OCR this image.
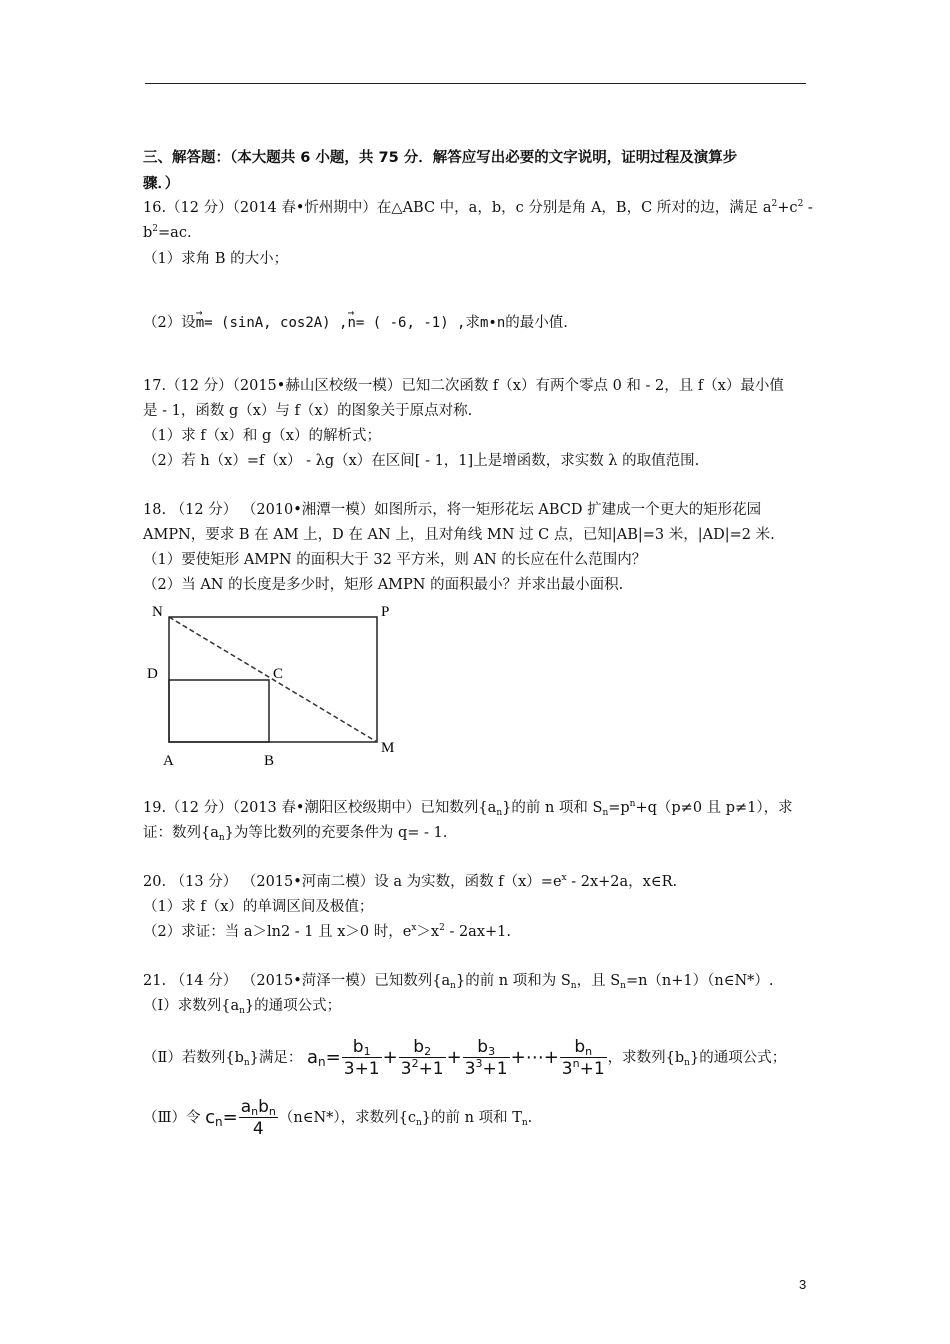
三、解答题：（本大题共 6 小题，共 75 分．解答应写出必要的文字说明，证明过程及演算步
骤．）
16.（12 分）（2014 春•忻州期中）在△ABC 中，a，b，c 分别是角 A，B，C 所对的边，满足 $a^2+c^2$ -
$b^2=ac$.
（1）求角 B 的大小；
（2）设→ m= (sinA, cos2A) ,→ n= ( -6, -1) ,求m•n的最小值.
17.（12 分）（2015•赫山区校级一模）已知二次函数 f（x）有两个零点 0 和 - 2，且 f（x）最小值
是 - 1，函数 g（x）与 f（x）的图象关于原点对称.
（1）求 f（x）和 g（x）的解析式；
（2）若 h（x）=f（x） - λg（x）在区间[ - 1，1]上是增函数，求实数 λ 的取值范围.
18. （12 分） （2010•湘潭一模）如图所示，将一矩形花坛 ABCD 扩建成一个更大的矩形花园
AMPN，要求 B 在 AM 上，D 在 AN 上，且对角线 MN 过 C 点，已知|AB|=3 米，|AD|=2 米.
（1）要使矩形 AMPN 的面积大于 32 平方米，则 AN 的长应在什么范围内？
（2）当 AN 的长度是多少时，矩形 AMPN 的面积最小？并求出最小面积.
N	P
D	C
A	B
M
19.（12 分）（2013 春•潮阳区校级期中）已知数列$\{a_n\}$的前 n 项和 $S_n=p^n+q(p\ne 0$ 且 p≠1），求
证：数列$\{a_n\}$为等比数列的充要条件为 q= - 1.
20. （13 分） （2015•河南二模）设 a 为实数，函数 $f(x)=e^x - 2x+2a$，x∈R.
（1）求 f（x）的单调区间及极值；
（2）求证：当 a＞ln2 - 1 且 x＞0 时，$e^x>x^2 - 2ax+1$.
21. （14 分） （2015•菏泽一模）已知数列$\{a_n\}$的前 n 项和为 $S_n$，且 $S_n=n(n+1)(n\in N*)$.
（Ⅰ）求数列$\{a_n\}$的通项公式；
（Ⅱ）若数列$\{b_n\}$满足： $a_n= \frac{b_1}{3+1} + \frac{b_2}{3^2+1} + \frac{b_3}{3^3+1}$ +⋯+ $\frac{b_n}{3^n+1}$ ，求数列$\{b_n\}$的通项公式；
（Ⅲ）令 $c_n= \frac{a_nb_n}{4}$ （n∈N*），求数列$\{c_n\}$的前 n 项和 $T_n$.
3
